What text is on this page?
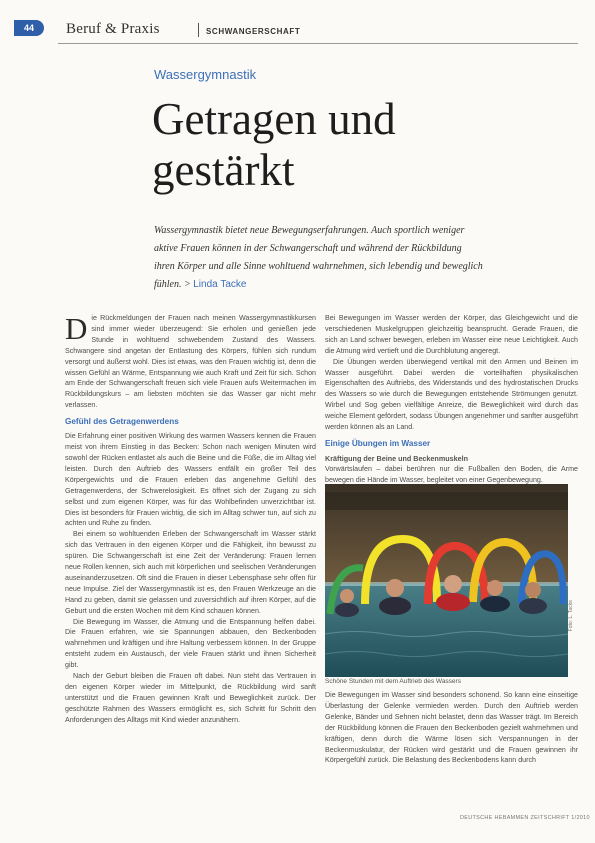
44	Beruf & Praxis	SCHWANGERSCHAFT
Wassergymnastik
Getragen und gestärkt

Wassergymnastik bietet neue Bewegungserfahrungen. Auch sportlich weniger aktive Frauen können in der Schwangerschaft und während der Rückbildung ihren Körper und alle Sinne wohltuend wahrnehmen, sich lebendig und beweglich fühlen. > Linda Tacke

Die Rückmeldungen der Frauen nach meinen Wassergymnastikkursen sind immer wieder überzeugend: Sie erholen und genießen jede Stunde in wohltuend schwebendem Zustand des Wassers. Schwangere sind angetan der Entlastung des Körpers, fühlen sich rundum versorgt und äußerst wohl. Dies ist etwas, was den Frauen wichtig ist, denn die wissen Gefühl an Wärme, Entspannung wie auch Kraft und Zeit für sich. Schon am Ende der Schwangerschaft freuen sich viele Frauen aufs Weitermachen im Rückbildungskurs – am liebsten möchten sie das Wasser gar nicht mehr verlassen.

Gefühl des Getragenwerdens

Die Erfahrung einer positiven Wirkung des warmen Wassers kennen die Frauen meist von ihrem Einstieg in das Becken: Schon nach wenigen Minuten wird sowohl der Rücken entlastet als auch die Beine und die Füße, die im Alltag viel leisten. Durch den Auftrieb des Wassers entfällt ein großer Teil des Körpergewichts und die Frauen erleben das angenehme Gefühl des Getragenwerdens, der Schwerelosigkeit. Es öffnet sich der Zugang zu sich selbst und zum eigenen Körper, was für das Wohlbefinden unverzichtbar ist. Dies ist besonders für Frauen wichtig, die sich im Alltag schwer tun, auf sich zu achten und Ruhe zu finden.

Bei einem so wohltuenden Erleben der Schwangerschaft im Wasser stärkt sich das Vertrauen in den eigenen Körper und die Fähigkeit, ihn bewusst zu spüren. Die Schwangerschaft ist eine Zeit der Veränderung: Frauen lernen neue Rollen kennen, sich auch mit körperlichen und seelischen Veränderungen auseinanderzusetzen. Oft sind die Frauen in dieser Lebensphase sehr offen für neue Impulse. Ziel der Wassergymnastik ist es, den Frauen Werkzeuge an die Hand zu geben, damit sie gelassen und zuversichtlich auf ihren Körper, auf die Geburt und die ersten Wochen mit dem Kind schauen können.

Die Bewegung im Wasser, die Atmung und die Entspannung helfen dabei. Die Frauen erfahren, wie sie Spannungen abbauen, den Beckenboden wahrnehmen und kräftigen und ihre Haltung verbessern können. In der Gruppe entsteht zudem ein Austausch, der viele Frauen stärkt und ihnen Sicherheit gibt.

Nach der Geburt bleiben die Frauen oft dabei. Nun steht das Vertrauen in den eigenen Körper wieder im Mittelpunkt, die Rückbildung wird sanft unterstützt und die Frauen gewinnen Kraft und Beweglichkeit zurück. Der geschützte Rahmen des Wassers ermöglicht es, sich Schritt für Schritt den Anforderungen des Alltags mit Kind wieder anzunähern.

Bei Bewegungen im Wasser werden der Körper, das Gleichgewicht und die verschiedenen Muskelgruppen gleichzeitig beansprucht. Gerade Frauen, die sich an Land schwer bewegen, erleben im Wasser eine neue Leichtigkeit. Auch die Atmung wird vertieft und die Durchblutung angeregt.

Die Übungen werden überwiegend vertikal mit den Armen und Beinen im Wasser ausgeführt. Dabei werden die vorteilhaften physikalischen Eigenschaften des Auftriebs, des Widerstands und des hydrostatischen Drucks des Wassers so wie durch die Bewegungen entstehende Strömungen genutzt. Wirbel und Sog geben vielfältige Anreize, die Beweglichkeit wird durch das weiche Element gefördert, sodass Übungen angenehmer und sanfter ausgeführt werden können als an Land.

Einige Übungen im Wasser
Kräftigung der Beine und Beckenmuskeln

Vorwärtslaufen – dabei berühren nur die Fußballen den Boden, die Arme bewegen die Hände im Wasser, begleitet von einer Gegenbewegung.

Foto: L. Tacke
Schöne Stunden mit dem Auftrieb des Wassers

Die Bewegungen im Wasser sind besonders schonend. So kann eine einseitige Überlastung der Gelenke vermieden werden. Durch den Auftrieb werden Gelenke, Bänder und Sehnen nicht belastet, denn das Wasser trägt. Im Bereich der Rückbildung können die Frauen den Beckenboden gezielt wahrnehmen und kräftigen, denn durch die Wärme lösen sich Verspannungen in der Beckenmuskulatur, der Rücken wird gestärkt und die Frauen gewinnen ihr Körpergefühl zurück. Die Belastung des Beckenbodens kann durch

DEUTSCHE HEBAMMEN ZEITSCHRIFT 1/2010
